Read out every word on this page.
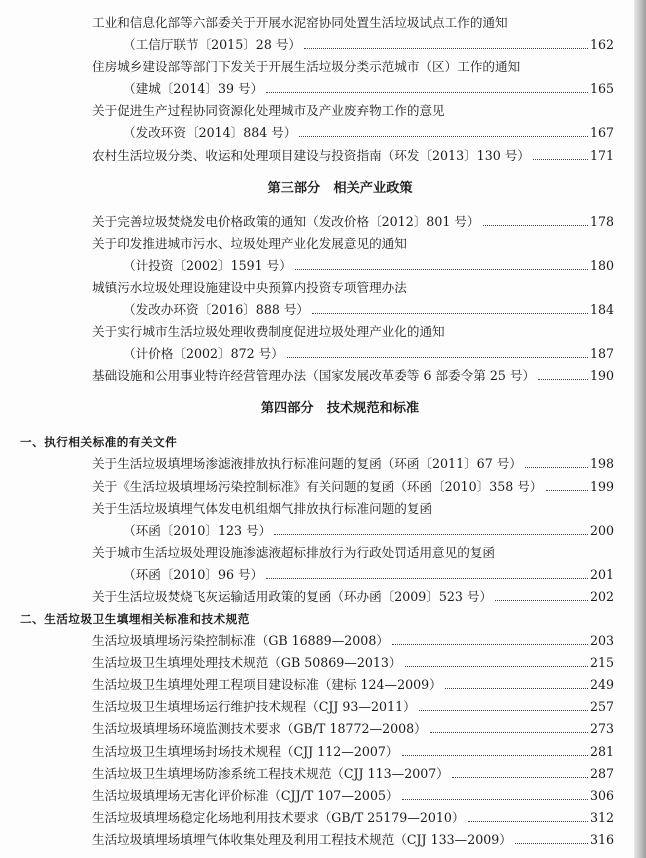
工业和信息化部等六部委关于开展水泥窑协同处置生活垃圾试点工作的通知
（工信厅联节〔2015〕28 号）	162
住房城乡建设部等部门下发关于开展生活垃圾分类示范城市（区）工作的通知
（建城〔2014〕39 号）	165
关于促进生产过程协同资源化处理城市及产业废弃物工作的意见
（发改环资〔2014〕884 号）	167
农村生活垃圾分类、收运和处理项目建设与投资指南（环发〔2013〕130 号）	171
第三部分　相关产业政策
关于完善垃圾焚烧发电价格政策的通知（发改价格〔2012〕801 号）	178
关于印发推进城市污水、垃圾处理产业化发展意见的通知
（计投资〔2002〕1591 号）	180
城镇污水垃圾处理设施建设中央预算内投资专项管理办法
（发改办环资〔2016〕888 号）	184
关于实行城市生活垃圾处理收费制度促进垃圾处理产业化的通知
（计价格〔2002〕872 号）	187
基础设施和公用事业特许经营管理办法（国家发展改革委等 6 部委令第 25 号）	190
第四部分　技术规范和标准
一、执行相关标准的有关文件
关于生活垃圾填埋场渗滤液排放执行标准问题的复函（环函〔2011〕67 号）	198
关于《生活垃圾填埋场污染控制标准》有关问题的复函（环函〔2010〕358 号）	199
关于生活垃圾填埋气体发电机组烟气排放执行标准问题的复函
（环函〔2010〕123 号）	200
关于城市生活垃圾处理设施渗滤液超标排放行为行政处罚适用意见的复函
（环函〔2010〕96 号）	201
关于生活垃圾焚烧飞灰运输适用政策的复函（环办函〔2009〕523 号）	202
二、生活垃圾卫生填埋相关标准和技术规范
生活垃圾填埋场污染控制标准（GB 16889—2008）	203
生活垃圾卫生填埋处理技术规范（GB 50869—2013）	215
生活垃圾卫生填埋处理工程项目建设标准（建标 124—2009）	249
生活垃圾卫生填埋场运行维护技术规程（CJJ 93—2011）	257
生活垃圾填埋场环境监测技术要求（GB/T 18772—2008）	273
生活垃圾卫生填埋场封场技术规程（CJJ 112—2007）	281
生活垃圾卫生填埋场防渗系统工程技术规范（CJJ 113—2007）	287
生活垃圾填埋场无害化评价标准（CJJ/T 107—2005）	306
生活垃圾填埋场稳定化场地利用技术要求（GB/T 25179—2010）	312
生活垃圾填埋场填埋气体收集处理及利用工程技术规范（CJJ 133—2009）	316
